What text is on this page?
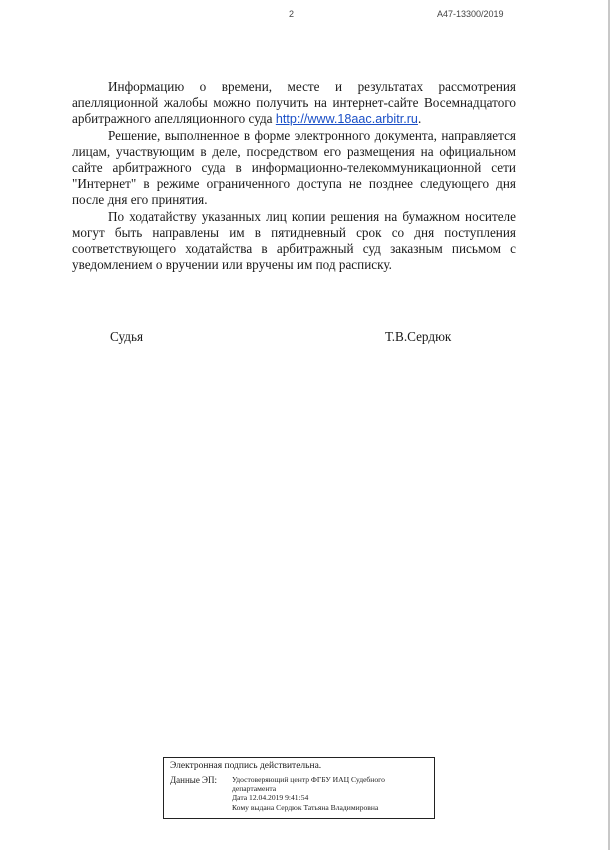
2	А47-13300/2019

Информацию о времени, месте и результатах рассмотрения апелляционной жалобы можно получить на интернет-сайте Восемнадцатого арбитражного апелляционного суда http://www.18aac.arbitr.ru.

Решение, выполненное в форме электронного документа, направляется лицам, участвующим в деле, посредством его размещения на официальном сайте арбитражного суда в информационно-телекоммуникационной сети "Интернет" в режиме ограниченного доступа не позднее следующего дня после дня его принятия.

По ходатайству указанных лиц копии решения на бумажном носителе могут быть направлены им в пятидневный срок со дня поступления соответствующего ходатайства в арбитражный суд заказным письмом с уведомлением о вручении или вручены им под расписку.

Судья	Т.В.Сердюк
Электронная подпись действительна.
Данные ЭП: Удостоверяющий центр ФГБУ ИАЦ Судебного
департамента
Дата 12.04.2019 9:41:54
Кому выдана Сердюк Татьяна Владимировна
